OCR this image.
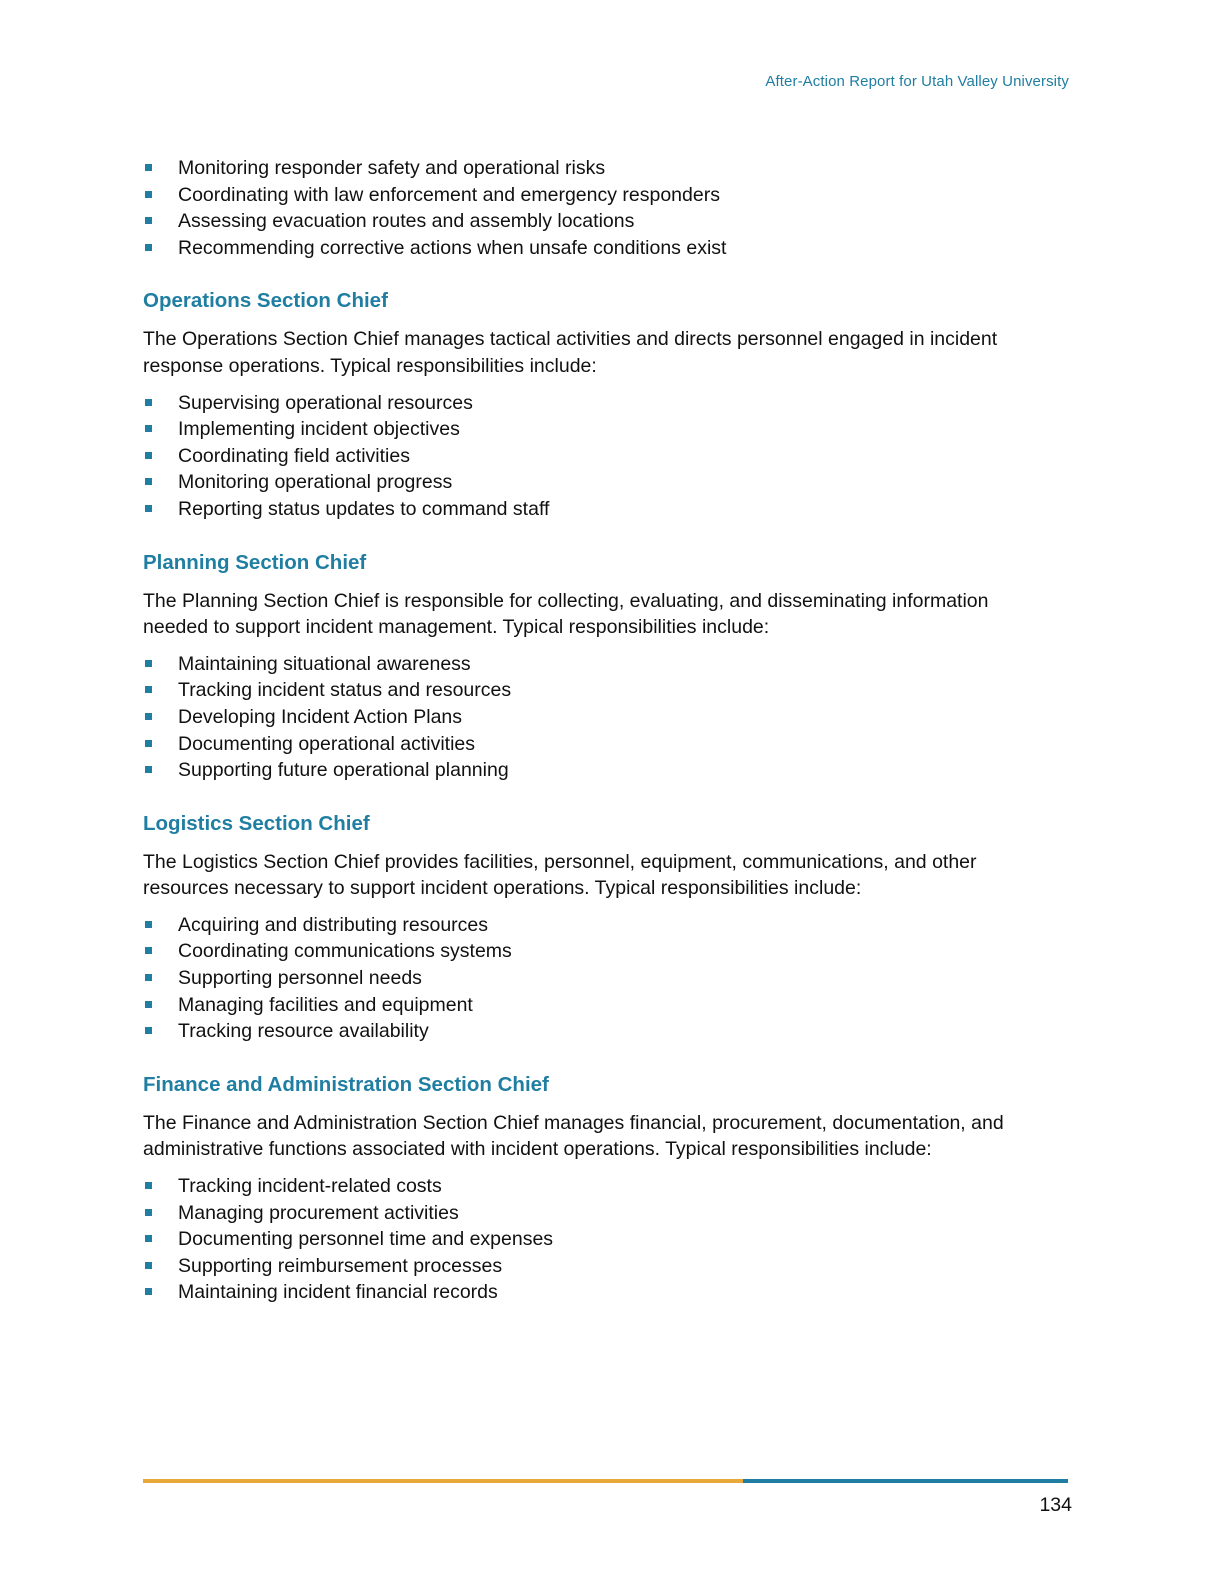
After-Action Report for Utah Valley University
Monitoring responder safety and operational risks
Coordinating with law enforcement and emergency responders
Assessing evacuation routes and assembly locations
Recommending corrective actions when unsafe conditions exist
Operations Section Chief

The Operations Section Chief manages tactical activities and directs personnel engaged in incident response operations. Typical responsibilities include:

Supervising operational resources
Implementing incident objectives
Coordinating field activities
Monitoring operational progress
Reporting status updates to command staff
Planning Section Chief

The Planning Section Chief is responsible for collecting, evaluating, and disseminating information needed to support incident management. Typical responsibilities include:

Maintaining situational awareness
Tracking incident status and resources
Developing Incident Action Plans
Documenting operational activities
Supporting future operational planning
Logistics Section Chief

The Logistics Section Chief provides facilities, personnel, equipment, communications, and other resources necessary to support incident operations. Typical responsibilities include:

Acquiring and distributing resources
Coordinating communications systems
Supporting personnel needs
Managing facilities and equipment
Tracking resource availability
Finance and Administration Section Chief

The Finance and Administration Section Chief manages financial, procurement, documentation, and administrative functions associated with incident operations. Typical responsibilities include:

Tracking incident-related costs
Managing procurement activities
Documenting personnel time and expenses
Supporting reimbursement processes
Maintaining incident financial records
134
